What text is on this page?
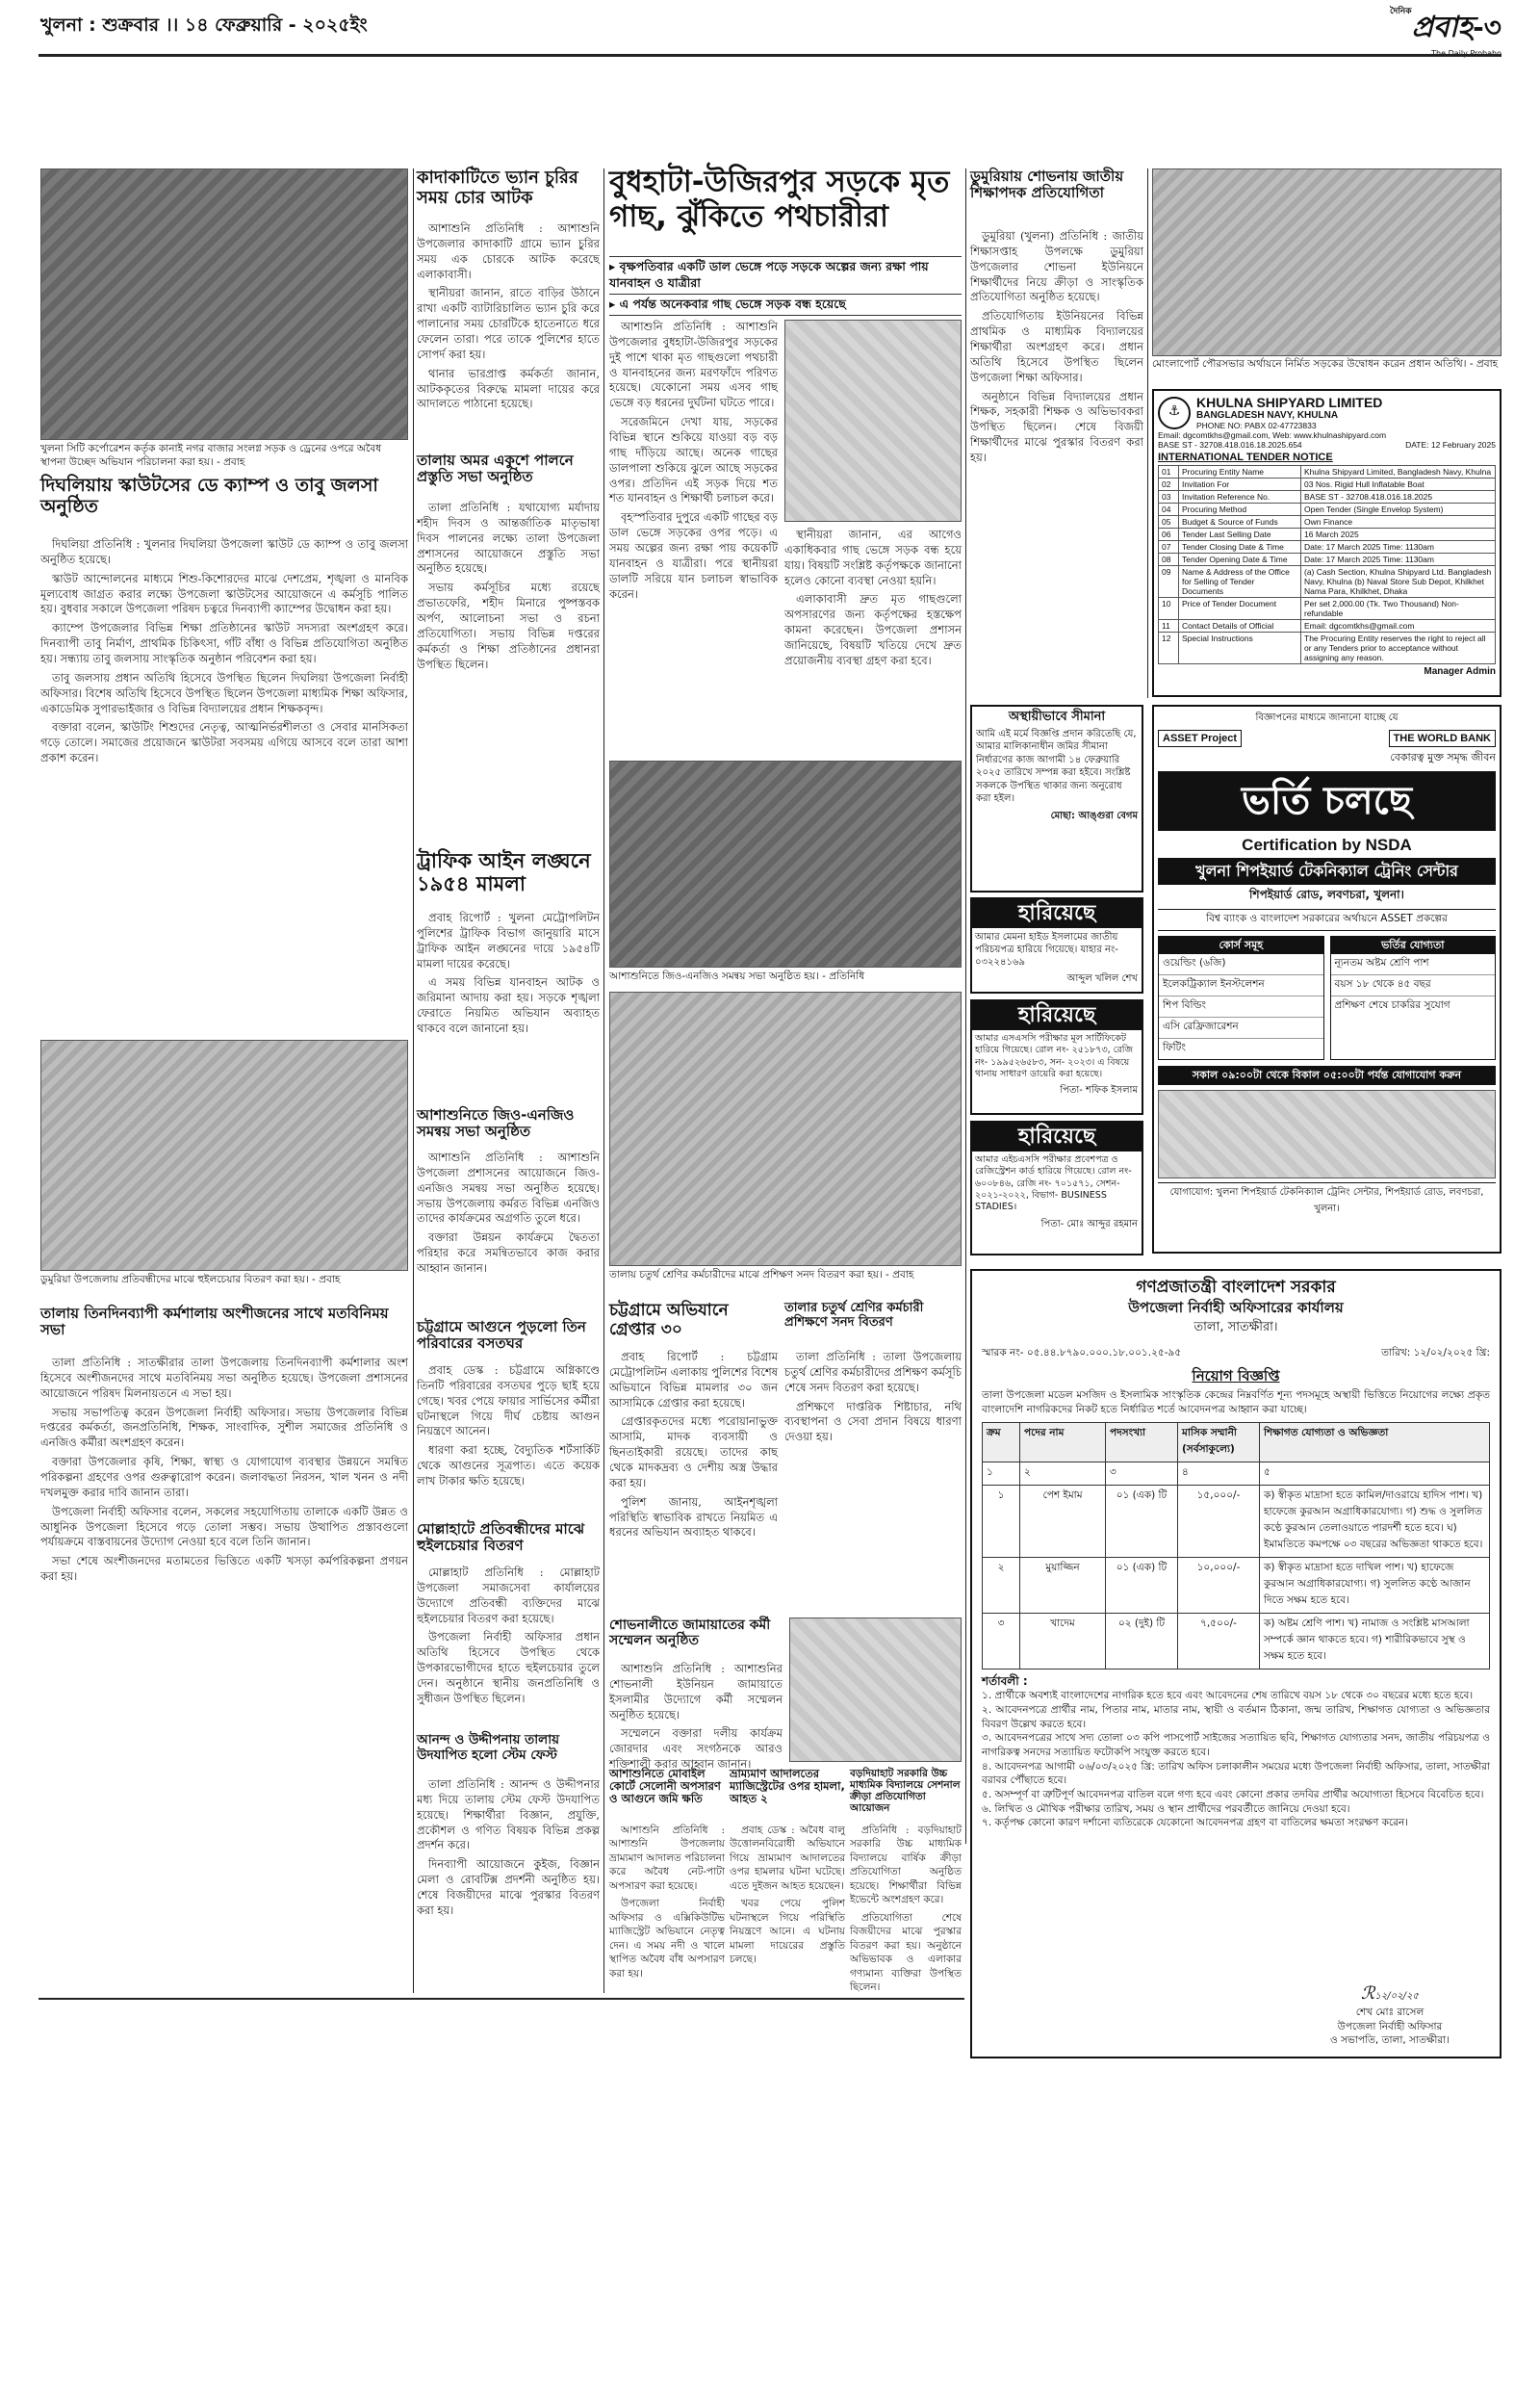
খুলনা : শুক্রবার ।। ১৪ ফেব্রুয়ারি - ২০২৫ইং
$^{দৈনিক}$প্রবাহ-৩
খুলনা সিটি কর্পোরেশন কর্তৃক কানাই নগর বাজার সংলগ্ন সড়ক ও ড্রেনের ওপরে অবৈধ স্থাপনা উচ্ছেদ অভিযান পরিচালনা করা হয়। - প্রবাহ
দিঘলিয়ায় স্কাউটসের ডে ক্যাম্প ও তাবু জলসা অনুষ্ঠিত

দিঘলিয়া প্রতিনিধি : খুলনার দিঘলিয়া উপজেলা স্কাউট ডে ক্যাম্প ও তাবু জলসা অনুষ্ঠিত হয়েছে।

স্কাউট আন্দোলনের মাধ্যমে শিশু-কিশোরদের মাঝে দেশপ্রেম, শৃঙ্খলা ও মানবিক মূল্যবোধ জাগ্রত করার লক্ষ্যে উপজেলা স্কাউটসের আয়োজনে এ কর্মসূচি পালিত হয়। বুধবার সকালে উপজেলা পরিষদ চত্বরে দিনব্যাপী ক্যাম্পের উদ্বোধন করা হয়।

ক্যাম্পে উপজেলার বিভিন্ন শিক্ষা প্রতিষ্ঠানের স্কাউট সদস্যরা অংশগ্রহণ করে। দিনব্যাপী তাবু নির্মাণ, প্রাথমিক চিকিৎসা, গাঁট বাঁধা ও বিভিন্ন প্রতিযোগিতা অনুষ্ঠিত হয়। সন্ধ্যায় তাবু জলসায় সাংস্কৃতিক অনুষ্ঠান পরিবেশন করা হয়।

তাবু জলসায় প্রধান অতিথি হিসেবে উপস্থিত ছিলেন দিঘলিয়া উপজেলা নির্বাহী অফিসার। বিশেষ অতিথি হিসেবে উপস্থিত ছিলেন উপজেলা মাধ্যমিক শিক্ষা অফিসার, একাডেমিক সুপারভাইজার ও বিভিন্ন বিদ্যালয়ের প্রধান শিক্ষকবৃন্দ।

বক্তারা বলেন, স্কাউটিং শিশুদের নেতৃত্ব, আত্মনির্ভরশীলতা ও সেবার মানসিকতা গড়ে তোলে। সমাজের প্রয়োজনে স্কাউটরা সবসময় এগিয়ে আসবে বলে তারা আশা প্রকাশ করেন।

ডুমুরিয়া উপজেলায় প্রতিবন্ধীদের মাঝে হুইলচেয়ার বিতরণ করা হয়। - প্রবাহ
তালায় তিনদিনব্যাপী কর্মশালায় অংশীজনের সাথে মতবিনিময় সভা

তালা প্রতিনিধি : সাতক্ষীরার তালা উপজেলায় তিনদিনব্যাপী কর্মশালার অংশ হিসেবে অংশীজনদের সাথে মতবিনিময় সভা অনুষ্ঠিত হয়েছে। উপজেলা প্রশাসনের আয়োজনে পরিষদ মিলনায়তনে এ সভা হয়।

সভায় সভাপতিত্ব করেন উপজেলা নির্বাহী অফিসার। সভায় উপজেলার বিভিন্ন দপ্তরের কর্মকর্তা, জনপ্রতিনিধি, শিক্ষক, সাংবাদিক, সুশীল সমাজের প্রতিনিধি ও এনজিও কর্মীরা অংশগ্রহণ করেন।

বক্তারা উপজেলার কৃষি, শিক্ষা, স্বাস্থ্য ও যোগাযোগ ব্যবস্থার উন্নয়নে সমন্বিত পরিকল্পনা গ্রহণের ওপর গুরুত্বারোপ করেন। জলাবদ্ধতা নিরসন, খাল খনন ও নদী দখলমুক্ত করার দাবি জানান তারা।

উপজেলা নির্বাহী অফিসার বলেন, সকলের সহযোগিতায় তালাকে একটি উন্নত ও আধুনিক উপজেলা হিসেবে গড়ে তোলা সম্ভব। সভায় উত্থাপিত প্রস্তাবগুলো পর্যায়ক্রমে বাস্তবায়নের উদ্যোগ নেওয়া হবে বলে তিনি জানান।

সভা শেষে অংশীজনদের মতামতের ভিত্তিতে একটি খসড়া কর্মপরিকল্পনা প্রণয়ন করা হয়।

কাদাকাটিতে ভ্যান চুরির সময় চোর আটক

আশাশুনি প্রতিনিধি : আশাশুনি উপজেলার কাদাকাটি গ্রামে ভ্যান চুরির সময় এক চোরকে আটক করেছে এলাকাবাসী।

স্থানীয়রা জানান, রাতে বাড়ির উঠানে রাখা একটি ব্যাটারিচালিত ভ্যান চুরি করে পালানোর সময় চোরটিকে হাতেনাতে ধরে ফেলেন তারা। পরে তাকে পুলিশের হাতে সোপর্দ করা হয়।

থানার ভারপ্রাপ্ত কর্মকর্তা জানান, আটককৃতের বিরুদ্ধে মামলা দায়ের করে আদালতে পাঠানো হয়েছে।

তালায় অমর একুশে পালনে প্রস্তুতি সভা অনুষ্ঠিত

তালা প্রতিনিধি : যথাযোগ্য মর্যাদায় শহীদ দিবস ও আন্তর্জাতিক মাতৃভাষা দিবস পালনের লক্ষ্যে তালা উপজেলা প্রশাসনের আয়োজনে প্রস্তুতি সভা অনুষ্ঠিত হয়েছে।

সভায় কর্মসূচির মধ্যে রয়েছে প্রভাতফেরি, শহীদ মিনারে পুষ্পস্তবক অর্পণ, আলোচনা সভা ও রচনা প্রতিযোগিতা। সভায় বিভিন্ন দপ্তরের কর্মকর্তা ও শিক্ষা প্রতিষ্ঠানের প্রধানরা উপস্থিত ছিলেন।

ট্রাফিক আইন লঙ্ঘনে ১৯৫৪ মামলা

প্রবাহ রিপোর্ট : খুলনা মেট্রোপলিটন পুলিশের ট্রাফিক বিভাগ জানুয়ারি মাসে ট্রাফিক আইন লঙ্ঘনের দায়ে ১৯৫৪টি মামলা দায়ের করেছে।

এ সময় বিভিন্ন যানবাহন আটক ও জরিমানা আদায় করা হয়। সড়কে শৃঙ্খলা ফেরাতে নিয়মিত অভিযান অব্যাহত থাকবে বলে জানানো হয়।

আশাশুনিতে জিও-এনজিও সমন্বয় সভা অনুষ্ঠিত

আশাশুনি প্রতিনিধি : আশাশুনি উপজেলা প্রশাসনের আয়োজনে জিও-এনজিও সমন্বয় সভা অনুষ্ঠিত হয়েছে। সভায় উপজেলায় কর্মরত বিভিন্ন এনজিও তাদের কার্যক্রমের অগ্রগতি তুলে ধরে।

বক্তারা উন্নয়ন কার্যক্রমে দ্বৈততা পরিহার করে সমন্বিতভাবে কাজ করার আহ্বান জানান।

চট্টগ্রামে আগুনে পুড়লো তিন পরিবারের বসতঘর

প্রবাহ ডেস্ক : চট্টগ্রামে অগ্নিকাণ্ডে তিনটি পরিবারের বসতঘর পুড়ে ছাই হয়ে গেছে। খবর পেয়ে ফায়ার সার্ভিসের কর্মীরা ঘটনাস্থলে গিয়ে দীর্ঘ চেষ্টায় আগুন নিয়ন্ত্রণে আনেন।

ধারণা করা হচ্ছে, বৈদ্যুতিক শর্টসার্কিট থেকে আগুনের সূত্রপাত। এতে কয়েক লাখ টাকার ক্ষতি হয়েছে।

মোল্লাহাটে প্রতিবন্ধীদের মাঝে হুইলচেয়ার বিতরণ

মোল্লাহাট প্রতিনিধি : মোল্লাহাট উপজেলা সমাজসেবা কার্যালয়ের উদ্যোগে প্রতিবন্ধী ব্যক্তিদের মাঝে হুইলচেয়ার বিতরণ করা হয়েছে।

উপজেলা নির্বাহী অফিসার প্রধান অতিথি হিসেবে উপস্থিত থেকে উপকারভোগীদের হাতে হুইলচেয়ার তুলে দেন। অনুষ্ঠানে স্থানীয় জনপ্রতিনিধি ও সুধীজন উপস্থিত ছিলেন।

আনন্দ ও উদ্দীপনায় তালায় উদযাপিত হলো স্টেম ফেস্ট

তালা প্রতিনিধি : আনন্দ ও উদ্দীপনার মধ্য দিয়ে তালায় স্টেম ফেস্ট উদযাপিত হয়েছে। শিক্ষার্থীরা বিজ্ঞান, প্রযুক্তি, প্রকৌশল ও গণিত বিষয়ক বিভিন্ন প্রকল্প প্রদর্শন করে।

দিনব্যাপী আয়োজনে কুইজ, বিজ্ঞান মেলা ও রোবটিক্স প্রদর্শনী অনুষ্ঠিত হয়। শেষে বিজয়ীদের মাঝে পুরস্কার বিতরণ করা হয়।

বুধহাটা-উজিরপুর সড়কে মৃত গাছ, ঝুঁকিতে পথচারীরা
▸ বৃক্ষপতিবার একটি ডাল ভেঙ্গে পড়ে সড়কে অল্পের জন্য রক্ষা পায় যানবাহন ও যাত্রীরা
▸ এ পর্যন্ত অনেকবার গাছ ভেঙ্গে সড়ক বন্ধ হয়েছে

আশাশুনি প্রতিনিধি : আশাশুনি উপজেলার বুধহাটা-উজিরপুর সড়কের দুই পাশে থাকা মৃত গাছগুলো পথচারী ও যানবাহনের জন্য মরণফাঁদে পরিণত হয়েছে। যেকোনো সময় এসব গাছ ভেঙ্গে বড় ধরনের দুর্ঘটনা ঘটতে পারে।

সরেজমিনে দেখা যায়, সড়কের বিভিন্ন স্থানে শুকিয়ে যাওয়া বড় বড় গাছ দাঁড়িয়ে আছে। অনেক গাছের ডালপালা শুকিয়ে ঝুলে আছে সড়কের ওপর। প্রতিদিন এই সড়ক দিয়ে শত শত যানবাহন ও শিক্ষার্থী চলাচল করে।

বৃহস্পতিবার দুপুরে একটি গাছের বড় ডাল ভেঙ্গে সড়কের ওপর পড়ে। এ সময় অল্পের জন্য রক্ষা পায় কয়েকটি যানবাহন ও যাত্রীরা। পরে স্থানীয়রা ডালটি সরিয়ে যান চলাচল স্বাভাবিক করেন।

স্থানীয়রা জানান, এর আগেও একাধিকবার গাছ ভেঙ্গে সড়ক বন্ধ হয়ে যায়। বিষয়টি সংশ্লিষ্ট কর্তৃপক্ষকে জানানো হলেও কোনো ব্যবস্থা নেওয়া হয়নি।

এলাকাবাসী দ্রুত মৃত গাছগুলো অপসারণের জন্য কর্তৃপক্ষের হস্তক্ষেপ কামনা করেছেন। উপজেলা প্রশাসন জানিয়েছে, বিষয়টি খতিয়ে দেখে দ্রুত প্রয়োজনীয় ব্যবস্থা গ্রহণ করা হবে।

আশাশুনিতে জিও-এনজিও সমন্বয় সভা অনুষ্ঠিত হয়। - প্রতিনিধি
তালায় চতুর্থ শ্রেণির কর্মচারীদের মাঝে প্রশিক্ষণ সনদ বিতরণ করা হয়। - প্রবাহ
চট্টগ্রামে অভিযানে গ্রেপ্তার ৩০

প্রবাহ রিপোর্ট : চট্টগ্রাম মেট্রোপলিটন এলাকায় পুলিশের বিশেষ অভিযানে বিভিন্ন মামলার ৩০ জন আসামিকে গ্রেপ্তার করা হয়েছে।

গ্রেপ্তারকৃতদের মধ্যে পরোয়ানাভুক্ত আসামি, মাদক ব্যবসায়ী ও ছিনতাইকারী রয়েছে। তাদের কাছ থেকে মাদকদ্রব্য ও দেশীয় অস্ত্র উদ্ধার করা হয়।

পুলিশ জানায়, আইনশৃঙ্খলা পরিস্থিতি স্বাভাবিক রাখতে নিয়মিত এ ধরনের অভিযান অব্যাহত থাকবে।

তালার চতুর্থ শ্রেণির কর্মচারী প্রশিক্ষণে সনদ বিতরণ

তালা প্রতিনিধি : তালা উপজেলায় চতুর্থ শ্রেণির কর্মচারীদের প্রশিক্ষণ কর্মসূচি শেষে সনদ বিতরণ করা হয়েছে।

প্রশিক্ষণে দাপ্তরিক শিষ্টাচার, নথি ব্যবস্থাপনা ও সেবা প্রদান বিষয়ে ধারণা দেওয়া হয়।

শোভনালীতে জামায়াতের কর্মী সম্মেলন অনুষ্ঠিত

আশাশুনি প্রতিনিধি : আশাশুনির শোভনালী ইউনিয়ন জামায়াতে ইসলামীর উদ্যোগে কর্মী সম্মেলন অনুষ্ঠিত হয়েছে।

সম্মেলনে বক্তারা দলীয় কার্যক্রম জোরদার এবং সংগঠনকে আরও শক্তিশালী করার আহ্বান জানান।

আশাশুনিতে মোবাইল কোর্টে সেলোনী অপসারণ ও আগুনে জমি ক্ষতি

আশাশুনি প্রতিনিধি : আশাশুনি উপজেলায় ভ্রাম্যমাণ আদালত পরিচালনা করে অবৈধ নেট-পাটা অপসারণ করা হয়েছে।

উপজেলা নির্বাহী অফিসার ও এক্সিকিউটিভ ম্যাজিস্ট্রেট অভিযানে নেতৃত্ব দেন। এ সময় নদী ও খালে স্থাপিত অবৈধ বাঁধ অপসারণ করা হয়।

ভ্রাম্যমাণ আদালতের ম্যাজিস্ট্রেটের ওপর হামলা, আহত ২

প্রবাহ ডেস্ক : অবৈধ বালু উত্তোলনবিরোধী অভিযানে গিয়ে ভ্রাম্যমাণ আদালতের ওপর হামলার ঘটনা ঘটেছে। এতে দুইজন আহত হয়েছেন।

খবর পেয়ে পুলিশ ঘটনাস্থলে গিয়ে পরিস্থিতি নিয়ন্ত্রণে আনে। এ ঘটনায় মামলা দায়েরের প্রস্তুতি চলছে।

বড়দিয়াহাট সরকারি উচ্চ মাধ্যমিক বিদ্যালয়ে সেশনাল ক্রীড়া প্রতিযোগিতা আয়োজন

প্রতিনিধি : বড়দিয়াহাট সরকারি উচ্চ মাধ্যমিক বিদ্যালয়ে বার্ষিক ক্রীড়া প্রতিযোগিতা অনুষ্ঠিত হয়েছে। শিক্ষার্থীরা বিভিন্ন ইভেন্টে অংশগ্রহণ করে।

প্রতিযোগিতা শেষে বিজয়ীদের মাঝে পুরস্কার বিতরণ করা হয়। অনুষ্ঠানে অভিভাবক ও এলাকার গণ্যমান্য ব্যক্তিরা উপস্থিত ছিলেন।

ডুমুরিয়ায় শোভনায় জাতীয় শিক্ষাপদক প্রতিযোগিতা

ডুমুরিয়া (খুলনা) প্রতিনিধি : জাতীয় শিক্ষাসপ্তাহ উপলক্ষে ডুমুরিয়া উপজেলার শোভনা ইউনিয়নে শিক্ষার্থীদের নিয়ে ক্রীড়া ও সাংস্কৃতিক প্রতিযোগিতা অনুষ্ঠিত হয়েছে।

প্রতিযোগিতায় ইউনিয়নের বিভিন্ন প্রাথমিক ও মাধ্যমিক বিদ্যালয়ের শিক্ষার্থীরা অংশগ্রহণ করে। প্রধান অতিথি হিসেবে উপস্থিত ছিলেন উপজেলা শিক্ষা অফিসার।

অনুষ্ঠানে বিভিন্ন বিদ্যালয়ের প্রধান শিক্ষক, সহকারী শিক্ষক ও অভিভাবকরা উপস্থিত ছিলেন। শেষে বিজয়ী শিক্ষার্থীদের মাঝে পুরস্কার বিতরণ করা হয়।

মোংলাপোর্ট পৌরসভার অর্থায়নে নির্মিত সড়কের উদ্বোধন করেন প্রধান অতিথি। - প্রবাহ
⚓
KHULNA SHIPYARD LIMITED
BANGLADESH NAVY, KHULNA
PHONE NO: PABX 02-47723833
Email: dgcomtkhs@gmail.com, Web: www.khulnashipyard.com
BASE ST - 32708.418.016.18.2025.654	DATE: 12 February 2025
INTERNATIONAL TENDER NOTICE
01	Procuring Entity Name	Khulna Shipyard Limited, Bangladesh Navy, Khulna
02	Invitation For	03 Nos. Rigid Hull Inflatable Boat
03	Invitation Reference No.	BASE ST - 32708.418.016.18.2025
04	Procuring Method	Open Tender (Single Envelop System)
05	Budget & Source of Funds	Own Finance
06	Tender Last Selling Date	16 March 2025
07	Tender Closing Date & Time	Date: 17 March 2025 Time: 1130am
08	Tender Opening Date & Time	Date: 17 March 2025 Time: 1130am
09	Name & Address of the Office for Selling of Tender Documents	(a) Cash Section, Khulna Shipyard Ltd. Bangladesh Navy, Khulna (b) Naval Store Sub Depot, Khilkhet Nama Para, Khilkhet, Dhaka
10	Price of Tender Document	Per set 2,000.00 (Tk. Two Thousand) Non-refundable
11	Contact Details of Official	Email: dgcomtkhs@gmail.com
12	Special Instructions	The Procuring Entity reserves the right to reject all or any Tenders prior to acceptance without assigning any reason.
Manager Admin
অস্থায়ীভাবে সীমানা
আমি এই মর্মে বিজ্ঞপ্তি প্রদান করিতেছি যে, আমার মালিকানাধীন জমির সীমানা নির্ধারণের কাজ আগামী ১৪ ফেব্রুয়ারি ২০২৫ তারিখে সম্পন্ন করা হইবে। সংশ্লিষ্ট সকলকে উপস্থিত থাকার জন্য অনুরোধ করা হইল।
মোছা: আঙ্গুরা বেগম
হারিয়েছে
আমার মেমনা হাইড ইসলামের জাতীয় পরিচয়পত্র হারিয়ে গিয়েছে। যাহার নং- ০৩২২৪১৬৯
আব্দুল খলিল শেখ
হারিয়েছে
আমার এসএসসি পরীক্ষার মূল সার্টিফিকেট হারিয়ে গিয়েছে। রোল নং- ২৫১৮৭৩, রেজি নং- ১৯৯৫২৬৫৮৩, সন- ২০২৩। এ বিষয়ে থানায় সাধারণ ডায়েরি করা হয়েছে।
পিতা- শফিক ইসলাম
হারিয়েছে
আমার এইচএসসি পরীক্ষার প্রবেশপত্র ও রেজিস্ট্রেশন কার্ড হারিয়ে গিয়েছে। রোল নং- ৬০০৮৪৬, রেজি নং- ৭০১৫৭১, সেশন- ২০২১-২০২২, বিভাগ- BUSINESS STADIES।
পিতা- মোঃ আব্দুর রহমান
বিজ্ঞাপনের মাধ্যমে জানানো যাচ্ছে যে
ASSET Project	THE WORLD BANK
বেকারত্ব মুক্ত সমৃদ্ধ জীবন
ভর্তি চলছে
Certification by NSDA
খুলনা শিপইয়ার্ড টেকনিক্যাল ট্রেনিং সেন্টার
শিপইয়ার্ড রোড, লবণচরা, খুলনা।
বিশ্ব ব্যাংক ও বাংলাদেশ সরকারের অর্থায়নে ASSET প্রকল্পের
কোর্স সমূহ
ওয়েল্ডিং (৬জি)
ইলেকট্রিক্যাল ইনস্টলেশন
শিপ বিল্ডিং
এসি রেফ্রিজারেশন
ফিটিং
ভর্তির যোগ্যতা
ন্যূনতম অষ্টম শ্রেণি পাশ
বয়স ১৮ থেকে ৪৫ বছর
প্রশিক্ষণ শেষে চাকরির সুযোগ
সকাল ০৯:০০টা থেকে বিকাল ০৫:০০টা পর্যন্ত যোগাযোগ করুন
যোগাযোগ: খুলনা শিপইয়ার্ড টেকনিক্যাল ট্রেনিং সেন্টার, শিপইয়ার্ড রোড, লবণচরা, খুলনা।
গণপ্রজাতন্ত্রী বাংলাদেশ সরকার
উপজেলা নির্বাহী অফিসারের কার্যালয়
তালা, সাতক্ষীরা।
স্মারক নং- ০৫.৪৪.৮৭৯০.০০০.১৮.০০১.২৫-৯৫	তারিখ: ১২/০২/২০২৫ খ্রি:
নিয়োগ বিজ্ঞপ্তি
তালা উপজেলা মডেল মসজিদ ও ইসলামিক সাংস্কৃতিক কেন্দ্রের নিম্নবর্ণিত শূন্য পদসমূহে অস্থায়ী ভিত্তিতে নিয়োগের লক্ষ্যে প্রকৃত বাংলাদেশি নাগরিকদের নিকট হতে নির্ধারিত শর্তে আবেদনপত্র আহ্বান করা যাচ্ছে।
ক্রম	পদের নাম	পদসংখ্যা	মাসিক সম্মানী (সর্বসাকুল্যে)	শিক্ষাগত যোগ্যতা ও অভিজ্ঞতা
১	২	৩	৪	৫
১	পেশ ইমাম	০১ (এক) টি	১৫,০০০/-	ক) স্বীকৃত মাদ্রাসা হতে কামিল/দাওরায়ে হাদিস পাশ। খ) হাফেজে কুরআন অগ্রাধিকারযোগ্য। গ) শুদ্ধ ও সুললিত কণ্ঠে কুরআন তেলাওয়াতে পারদর্শী হতে হবে। ঘ) ইমামতিতে কমপক্ষে ০৩ বছরের অভিজ্ঞতা থাকতে হবে।
২	মুয়াজ্জিন	০১ (এক) টি	১০,০০০/-	ক) স্বীকৃত মাদ্রাসা হতে দাখিল পাশ। খ) হাফেজে কুরআন অগ্রাধিকারযোগ্য। গ) সুললিত কণ্ঠে আজান দিতে সক্ষম হতে হবে।
৩	খাদেম	০২ (দুই) টি	৭,৫০০/-	ক) অষ্টম শ্রেণি পাশ। খ) নামাজ ও সংশ্লিষ্ট মাসআলা সম্পর্কে জ্ঞান থাকতে হবে। গ) শারীরিকভাবে সুস্থ ও সক্ষম হতে হবে।
শর্তাবলী :
১. প্রার্থীকে অবশ্যই বাংলাদেশের নাগরিক হতে হবে এবং আবেদনের শেষ তারিখে বয়স ১৮ থেকে ৩০ বছরের মধ্যে হতে হবে।
২. আবেদনপত্রে প্রার্থীর নাম, পিতার নাম, মাতার নাম, স্থায়ী ও বর্তমান ঠিকানা, জন্ম তারিখ, শিক্ষাগত যোগ্যতা ও অভিজ্ঞতার বিবরণ উল্লেখ করতে হবে।
৩. আবেদনপত্রের সাথে সদ্য তোলা ০৩ কপি পাসপোর্ট সাইজের সত্যায়িত ছবি, শিক্ষাগত যোগ্যতার সনদ, জাতীয় পরিচয়পত্র ও নাগরিকত্ব সনদের সত্যায়িত ফটোকপি সংযুক্ত করতে হবে।
৪. আবেদনপত্র আগামী ০৬/০৩/২০২৫ খ্রি: তারিখ অফিস চলাকালীন সময়ের মধ্যে উপজেলা নির্বাহী অফিসার, তালা, সাতক্ষীরা বরাবর পৌঁছাতে হবে।
৫. অসম্পূর্ণ বা ত্রুটিপূর্ণ আবেদনপত্র বাতিল বলে গণ্য হবে এবং কোনো প্রকার তদবির প্রার্থীর অযোগ্যতা হিসেবে বিবেচিত হবে।
৬. লিখিত ও মৌখিক পরীক্ষার তারিখ, সময় ও স্থান প্রার্থীদের পরবর্তীতে জানিয়ে দেওয়া হবে।
৭. কর্তৃপক্ষ কোনো কারণ দর্শানো ব্যতিরেকে যেকোনো আবেদনপত্র গ্রহণ বা বাতিলের ক্ষমতা সংরক্ষণ করেন।
ℛ১২/০২/২৫
শেখ মোঃ রাসেল
উপজেলা নির্বাহী অফিসার
ও সভাপতি, তালা, সাতক্ষীরা।
